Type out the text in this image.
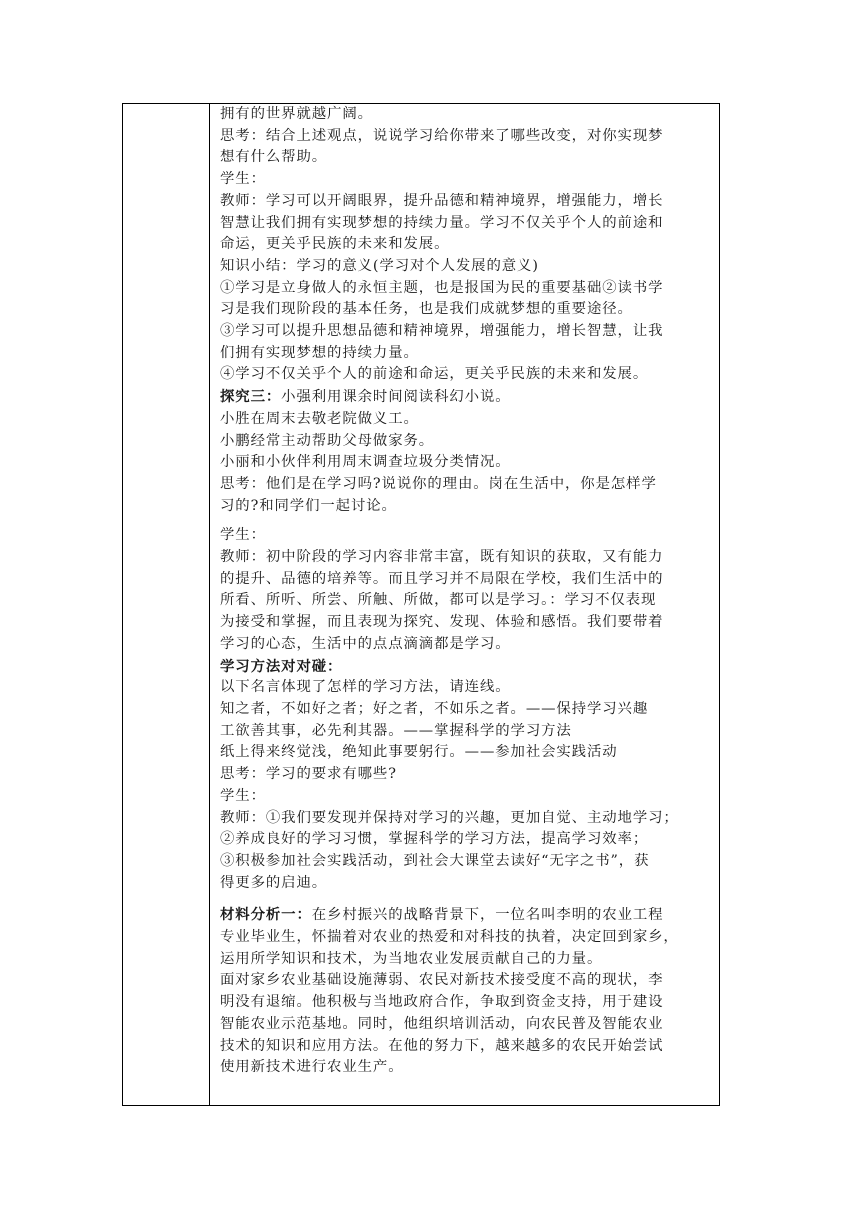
拥有的世界就越广阔。
思考：结合上述观点，说说学习给你带来了哪些改变，对你实现梦
想有什么帮助。
学生：
教师：学习可以开阔眼界，提升品德和精神境界，增强能力，增长
智慧让我们拥有实现梦想的持续力量。学习不仅关乎个人的前途和
命运，更关乎民族的未来和发展。
知识小结：学习的意义(学习对个人发展的意义)
①学习是立身做人的永恒主题，也是报国为民的重要基础②读书学
习是我们现阶段的基本任务，也是我们成就梦想的重要途径。
③学习可以提升思想品德和精神境界，增强能力，增长智慧，让我
们拥有实现梦想的持续力量。
④学习不仅关乎个人的前途和命运，更关乎民族的未来和发展。
探究三：小强利用课余时间阅读科幻小说。
小胜在周末去敬老院做义工。
小鹏经常主动帮助父母做家务。
小丽和小伙伴利用周末调查垃圾分类情况。
思考：他们是在学习吗?说说你的理由。岗在生活中，你是怎样学
习的?和同学们一起讨论。
学生：
教师：初中阶段的学习内容非常丰富，既有知识的获取，又有能力
的提升、品德的培养等。而且学习并不局限在学校，我们生活中的
所看、所听、所尝、所触、所做，都可以是学习。：学习不仅表现
为接受和掌握，而且表现为探究、发现、体验和感悟。我们要带着
学习的心态，生活中的点点滴滴都是学习。
学习方法对对碰：
以下名言体现了怎样的学习方法，请连线。
知之者，不如好之者；好之者，不如乐之者。——保持学习兴趣
工欲善其事，必先利其器。——掌握科学的学习方法
纸上得来终觉浅，绝知此事要躬行。——参加社会实践活动
思考：学习的要求有哪些?
学生：
教师：①我们要发现并保持对学习的兴趣，更加自觉、主动地学习；
②养成良好的学习习惯，掌握科学的学习方法，提高学习效率；
③积极参加社会实践活动，到社会大课堂去读好“无字之书”，获
得更多的启迪。
材料分析一：在乡村振兴的战略背景下，一位名叫李明的农业工程
专业毕业生，怀揣着对农业的热爱和对科技的执着，决定回到家乡，
运用所学知识和技术，为当地农业发展贡献自己的力量。
面对家乡农业基础设施薄弱、农民对新技术接受度不高的现状，李
明没有退缩。他积极与当地政府合作，争取到资金支持，用于建设
智能农业示范基地。同时，他组织培训活动，向农民普及智能农业
技术的知识和应用方法。在他的努力下，越来越多的农民开始尝试
使用新技术进行农业生产。
